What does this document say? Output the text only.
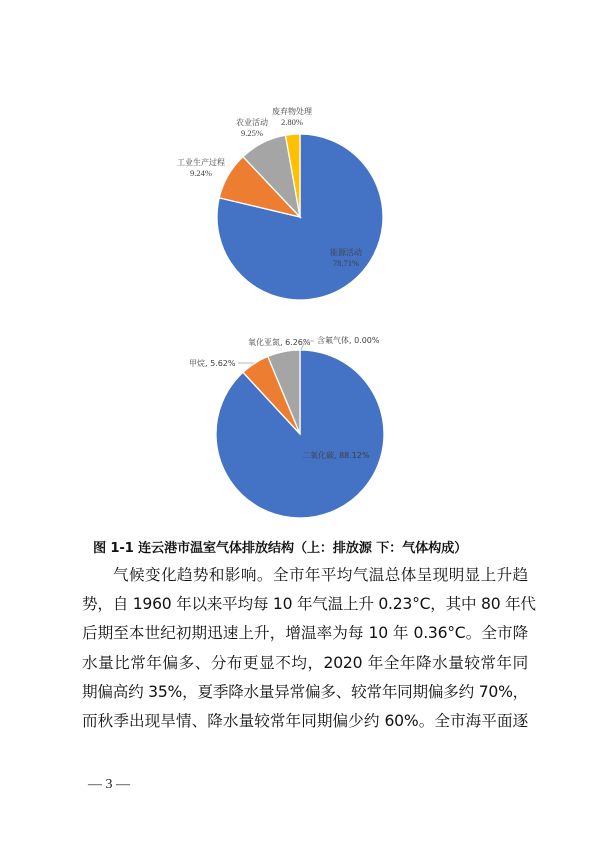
能源活动
78.71%
工业生产过程
9.24%
农业活动
9.25%
废弃物处理
2.80%
二氧化碳, 88.12%
甲烷, 5.62%
氧化亚氮, 6.26% 含氟气体, 0.00%
图 1-1 连云港市温室气体排放结构（上：排放源 下：气体构成）
气候变化趋势和影响。全市年平均气温总体呈现明显上升趋
势，自 1960 年以来平均每 10 年气温上升 0.23°C，其中 80 年代
后期至本世纪初期迅速上升，增温率为每 10 年 0.36°C。全市降
水量比常年偏多、分布更显不均，2020 年全年降水量较常年同
期偏高约 35%，夏季降水量异常偏多、较常年同期偏多约 70%，
而秋季出现旱情、降水量较常年同期偏少约 60%。全市海平面逐
— 3 —
